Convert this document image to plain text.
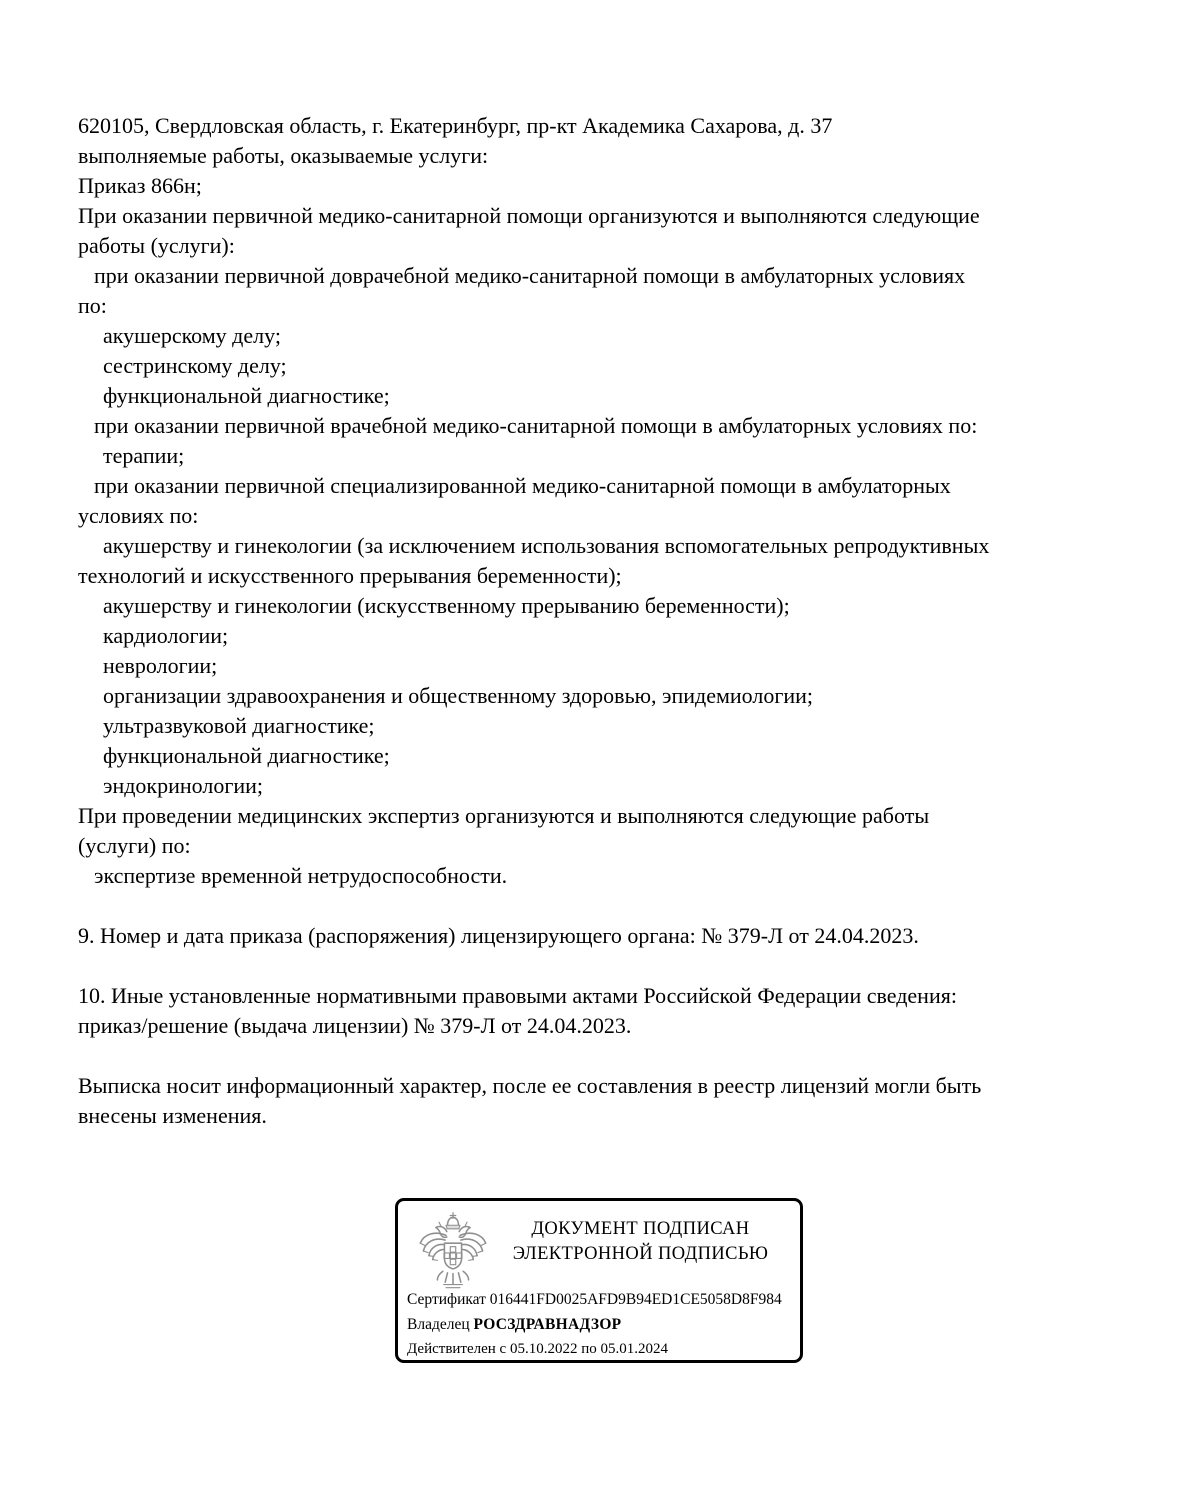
620105, Свердловская область, г. Екатеринбург, пр-кт Академика Сахарова, д. 37
выполняемые работы, оказываемые услуги:
Приказ 866н;
При оказании первичной медико-санитарной помощи организуются и выполняются следующие
работы (услуги):
при оказании первичной доврачебной медико-санитарной помощи в амбулаторных условиях
по:
акушерскому делу;
сестринскому делу;
функциональной диагностике;
при оказании первичной врачебной медико-санитарной помощи в амбулаторных условиях по:
терапии;
при оказании первичной специализированной медико-санитарной помощи в амбулаторных
условиях по:
акушерству и гинекологии (за исключением использования вспомогательных репродуктивных
технологий и искусственного прерывания беременности);
акушерству и гинекологии (искусственному прерыванию беременности);
кардиологии;
неврологии;
организации здравоохранения и общественному здоровью, эпидемиологии;
ультразвуковой диагностике;
функциональной диагностике;
эндокринологии;
При проведении медицинских экспертиз организуются и выполняются следующие работы
(услуги) по:
экспертизе временной нетрудоспособности.

9. Номер и дата приказа (распоряжения) лицензирующего органа: № 379-Л от 24.04.2023.

10. Иные установленные нормативными правовыми актами Российской Федерации сведения:
приказ/решение (выдача лицензии) № 379-Л от 24.04.2023.

Выписка носит информационный характер, после ее составления в реестр лицензий могли быть
внесены изменения.
ДОКУМЕНТ ПОДПИСАН
ЭЛЕКТРОННОЙ ПОДПИСЬЮ
Сертификат 016441FD0025AFD9B94ED1CE5058D8F984
Владелец РОСЗДРАВНАДЗОР
Действителен с 05.10.2022 по 05.01.2024
